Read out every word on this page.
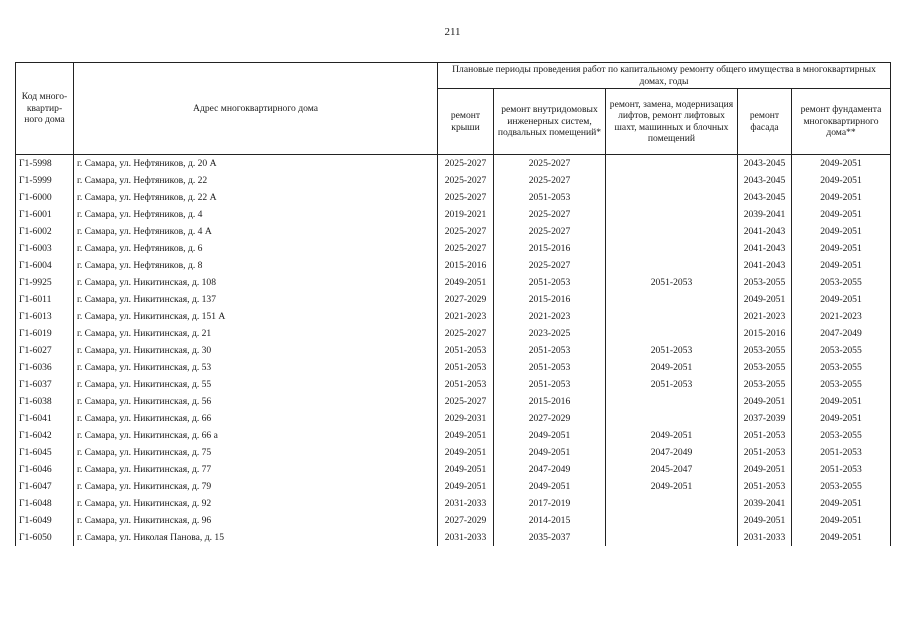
211
Код много-квартир-ного дома	Адрес многоквартирного дома	Плановые периоды проведения работ по капитальному ремонту общего имущества в многоквартирных домах, годы				
		ремонт крыши	ремонт внутридомовых инженерных систем, подвальных помещений*	ремонт, замена, модернизация лифтов, ремонт лифтовых шахт, машинных и блочных помещений	ремонт фасада	ремонт фундамента многоквартирного дома**
Г1-5998	г. Самара, ул. Нефтяников, д. 20 А	2025-2027	2025-2027		2043-2045	2049-2051
Г1-5999	г. Самара, ул. Нефтяников, д. 22	2025-2027	2025-2027		2043-2045	2049-2051
Г1-6000	г. Самара, ул. Нефтяников, д. 22 А	2025-2027	2051-2053		2043-2045	2049-2051
Г1-6001	г. Самара, ул. Нефтяников, д. 4	2019-2021	2025-2027		2039-2041	2049-2051
Г1-6002	г. Самара, ул. Нефтяников, д. 4 А	2025-2027	2025-2027		2041-2043	2049-2051
Г1-6003	г. Самара, ул. Нефтяников, д. 6	2025-2027	2015-2016		2041-2043	2049-2051
Г1-6004	г. Самара, ул. Нефтяников, д. 8	2015-2016	2025-2027		2041-2043	2049-2051
Г1-9925	г. Самара, ул. Никитинская, д. 108	2049-2051	2051-2053	2051-2053	2053-2055	2053-2055
Г1-6011	г. Самара, ул. Никитинская, д. 137	2027-2029	2015-2016		2049-2051	2049-2051
Г1-6013	г. Самара, ул. Никитинская, д. 151 А	2021-2023	2021-2023		2021-2023	2021-2023
Г1-6019	г. Самара, ул. Никитинская, д. 21	2025-2027	2023-2025		2015-2016	2047-2049
Г1-6027	г. Самара, ул. Никитинская, д. 30	2051-2053	2051-2053	2051-2053	2053-2055	2053-2055
Г1-6036	г. Самара, ул. Никитинская, д. 53	2051-2053	2051-2053	2049-2051	2053-2055	2053-2055
Г1-6037	г. Самара, ул. Никитинская, д. 55	2051-2053	2051-2053	2051-2053	2053-2055	2053-2055
Г1-6038	г. Самара, ул. Никитинская, д. 56	2025-2027	2015-2016		2049-2051	2049-2051
Г1-6041	г. Самара, ул. Никитинская, д. 66	2029-2031	2027-2029		2037-2039	2049-2051
Г1-6042	г. Самара, ул. Никитинская, д. 66 а	2049-2051	2049-2051	2049-2051	2051-2053	2053-2055
Г1-6045	г. Самара, ул. Никитинская, д. 75	2049-2051	2049-2051	2047-2049	2051-2053	2051-2053
Г1-6046	г. Самара, ул. Никитинская, д. 77	2049-2051	2047-2049	2045-2047	2049-2051	2051-2053
Г1-6047	г. Самара, ул. Никитинская, д. 79	2049-2051	2049-2051	2049-2051	2051-2053	2053-2055
Г1-6048	г. Самара, ул. Никитинская, д. 92	2031-2033	2017-2019		2039-2041	2049-2051
Г1-6049	г. Самара, ул. Никитинская, д. 96	2027-2029	2014-2015		2049-2051	2049-2051
Г1-6050	г. Самара, ул. Николая Панова, д. 15	2031-2033	2035-2037		2031-2033	2049-2051
